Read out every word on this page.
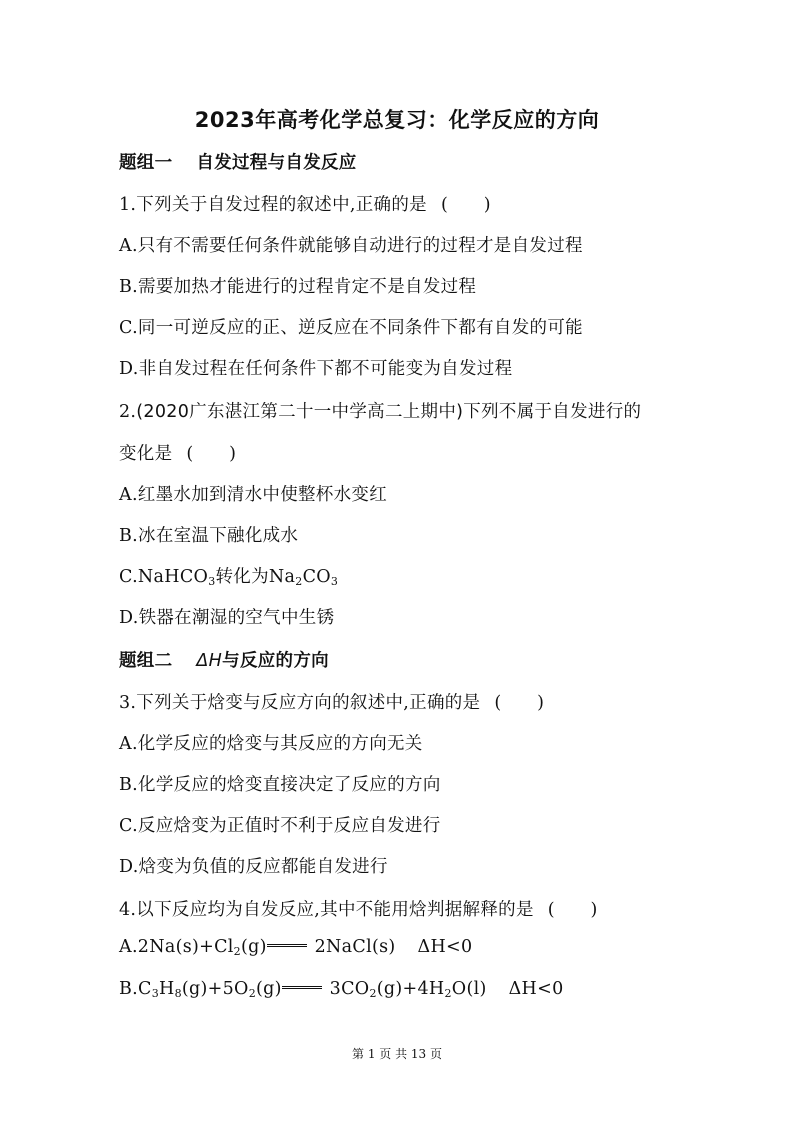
2023年高考化学总复习：化学反应的方向
题组一 自发过程与自发反应
1.下列关于自发过程的叙述中,正确的是 (　　)
A.只有不需要任何条件就能够自动进行的过程才是自发过程
B.需要加热才能进行的过程肯定不是自发过程
C.同一可逆反应的正、逆反应在不同条件下都有自发的可能
D.非自发过程在任何条件下都不可能变为自发过程
2.(2020广东湛江第二十一中学高二上期中)下列不属于自发进行的
变化是 (　　)
A.红墨水加到清水中使整杯水变红
B.冰在室温下融化成水
C.NaHCO$_3$转化为$Na_2CO_3$
D.铁器在潮湿的空气中生锈
题组二 ΔH与反应的方向
3.下列关于焓变与反应方向的叙述中,正确的是 (　　)
A.化学反应的焓变与其反应的方向无关
B.化学反应的焓变直接决定了反应的方向
C.反应焓变为正值时不利于反应自发进行
D.焓变为负值的反应都能自发进行
4.以下反应均为自发反应,其中不能用焓判据解释的是 (　　)
$A.2Na(s)+Cl_2(g)$	2NaCl(s) ΔH<0
$B.C_3H_8(g)+5O_2(g)$	$3CO_2(g)+4H_2O(l)$ ΔH<0
第 1 页 共 13 页
